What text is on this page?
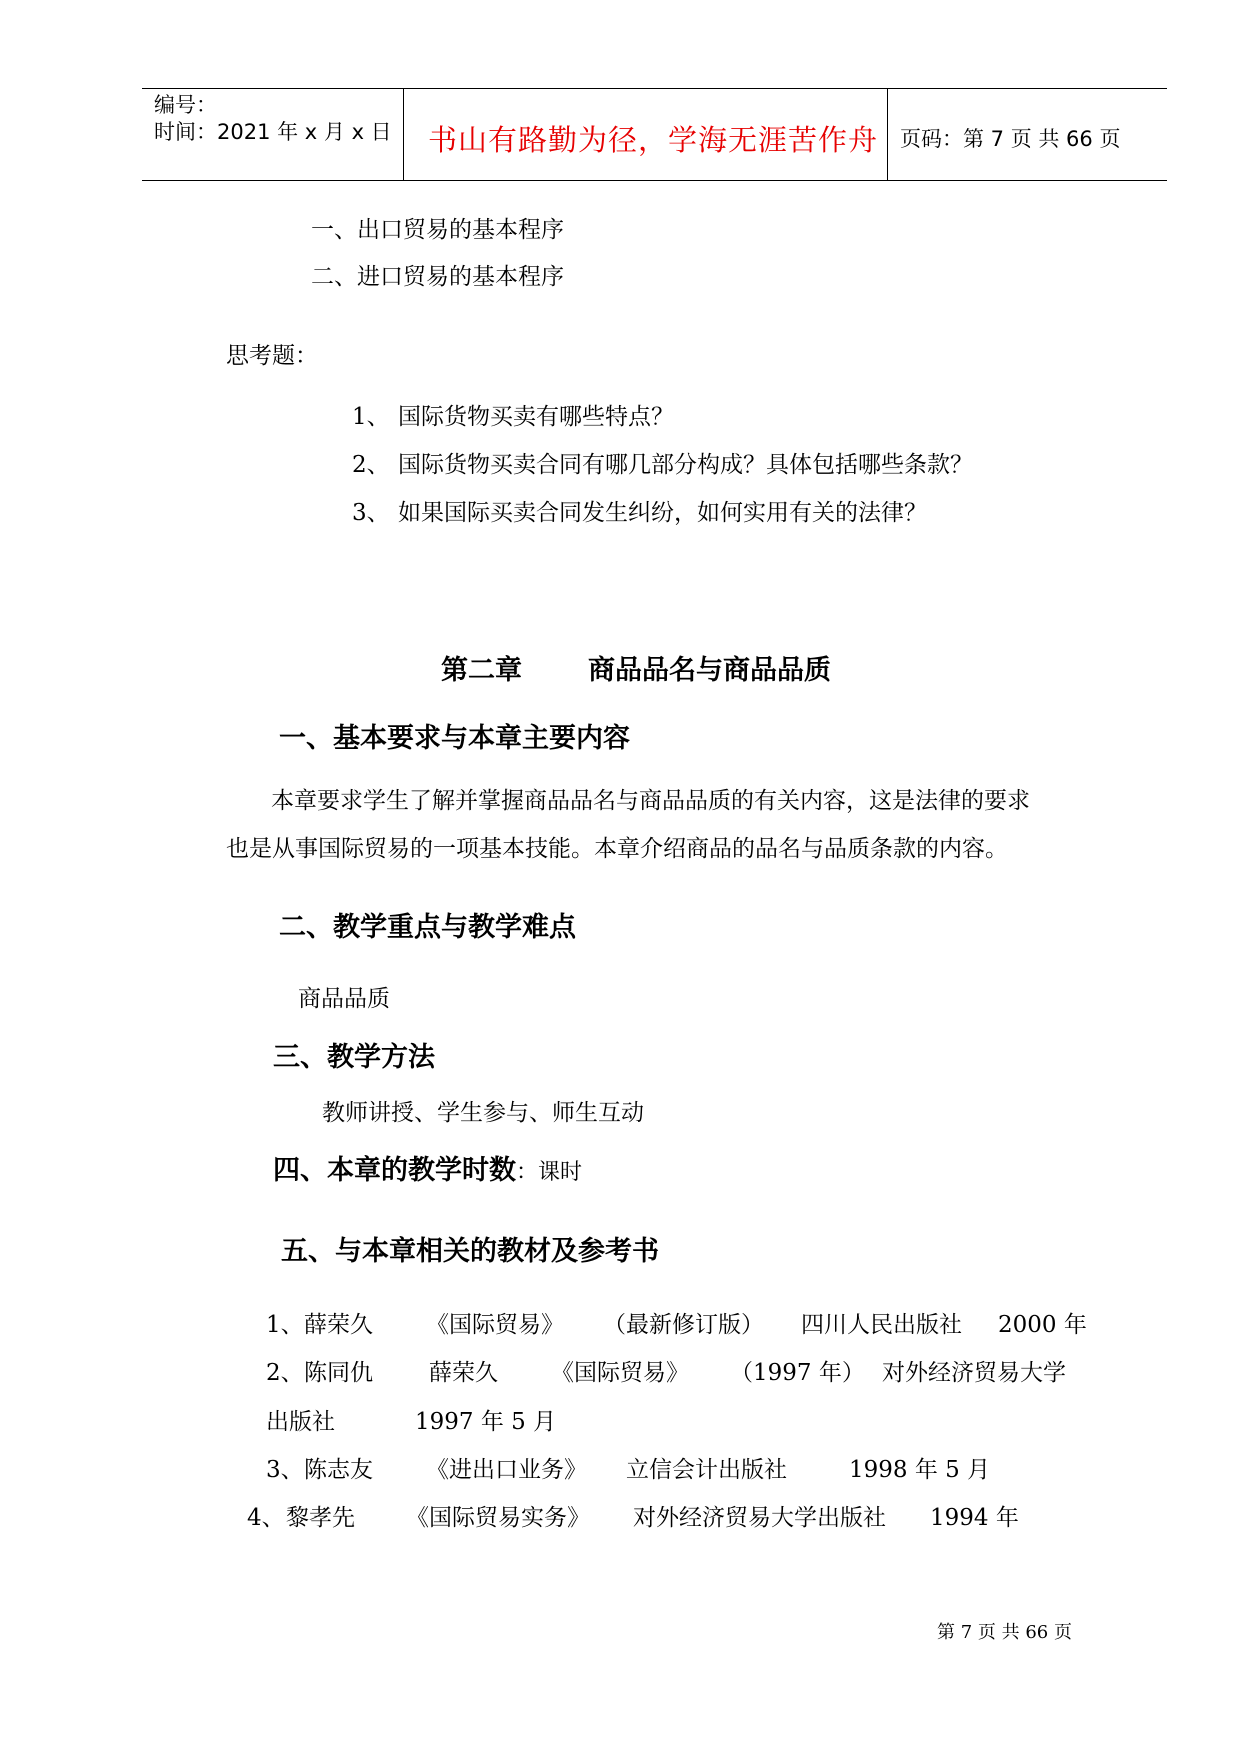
编号：
时间：2021 年 x 月 x 日 书山有路勤为径，学海无涯苦作舟 页码：第 7 页 共 66 页
一、出口贸易的基本程序
二、进口贸易的基本程序
思考题：
1、 国际货物买卖有哪些特点？
2、 国际货物买卖合同有哪几部分构成？具体包括哪些条款？
3、 如果国际买卖合同发生纠纷，如何实用有关的法律？
第二章 商品品名与商品品质
一、基本要求与本章主要内容
本章要求学生了解并掌握商品品名与商品品质的有关内容，这是法律的要求
也是从事国际贸易的一项基本技能。本章介绍商品的品名与品质条款的内容。
二、教学重点与教学难点
商品品质
三、教学方法
教师讲授、学生参与、师生互动
四、本章的教学时数：课时
五、与本章相关的教材及参考书
1、 薛荣久 《国际贸易》 （最新修订版） 四川人民出版社 2000 年
2、 陈同仇 薛荣久 《国际贸易》 （1997 年） 对外经济贸易大学
出版社	1997 年 5 月
3、 陈志友 《进出口业务》 立信会计出版社	1998 年 5 月
4、 黎孝先 《国际贸易实务》 对外经济贸易大学出版社 1994 年
第 7 页 共 66 页
